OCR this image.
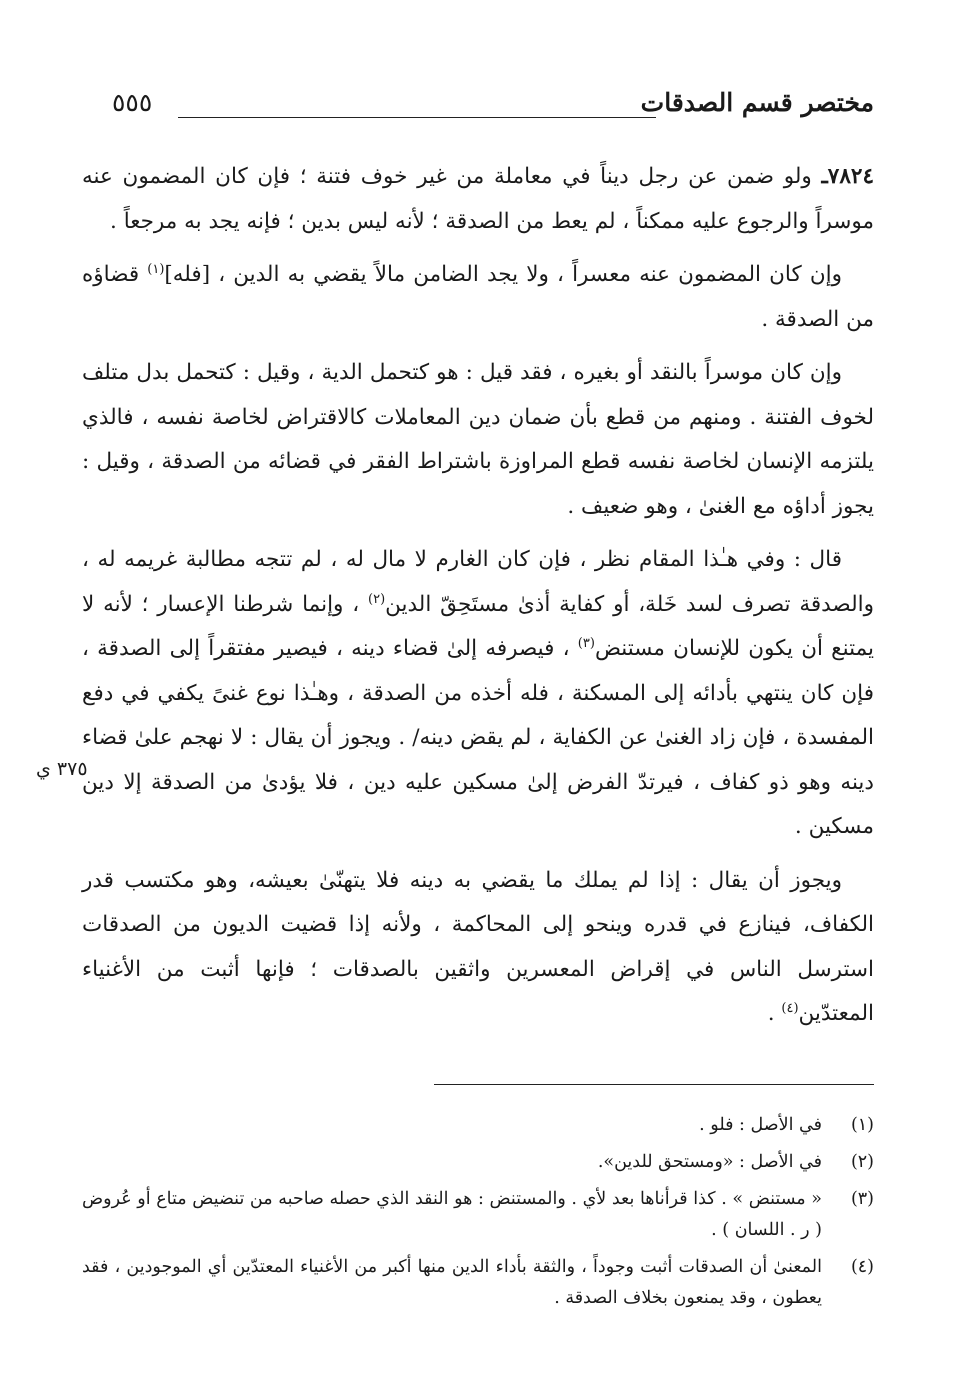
مختصر قسم الصدقات
٥٥٥

٧٨٢٤ـ ولو ضمن عن رجل ديناً في معاملة من غير خوف فتنة ؛ فإن كان المضمون عنه موسراً والرجوع عليه ممكناً ، لم يعط من الصدقة ؛ لأنه ليس بدين ؛ فإنه يجد به مرجعاً .

وإن كان المضمون عنه معسراً ، ولا يجد الضامن مالاً يقضي به الدين ، [فله]$^{(١)}$ قضاؤه من الصدقة .

وإن كان موسراً بالنقد أو بغيره ، فقد قيل : هو كتحمل الدية ، وقيل : كتحمل بدل متلف لخوف الفتنة . ومنهم من قطع بأن ضمان دين المعاملات كالاقتراض لخاصة نفسه ، فالذي يلتزمه الإنسان لخاصة نفسه قطع المراوزة باشتراط الفقر في قضائه من الصدقة ، وقيل : يجوز أداؤه مع الغنىٰ ، وهو ضعيف .

قال : وفي هـٰذا المقام نظر ، فإن كان الغارم لا مال له ، لم تتجه مطالبة غريمه له ، والصدقة تصرف لسد خَلة، أو كفاية أذىٰ مستَحِقّ الدين$^{(٢)}$ ، وإنما شرطنا الإعسار ؛ لأنه لا يمتنع أن يكون للإنسان مستنض$^{(٣)}$ ، فيصرفه إلىٰ قضاء دينه ، فيصير مفتقراً إلى الصدقة ، فإن كان ينتهي بأدائه إلى المسكنة ، فله أخذه من الصدقة ، وهـٰذا نوع غنىً يكفي في دفع المفسدة ، فإن زاد الغنىٰ عن الكفاية ، لم يقض دينه/ . ويجوز أن يقال : لا نهجم علىٰ قضاء دينه وهو ذو كفاف ، فيرتدّ الفرض إلىٰ مسكين عليه دين ، فلا يؤدىٰ من الصدقة إلا دين مسكين .

ويجوز أن يقال : إذا لم يملك ما يقضي به دينه فلا يتهنّىٰ بعيشه، وهو مكتسب قدر الكفاف، فينازع في قدره وينحو إلى المحاكمة ، ولأنه إذا قضيت الديون من الصدقات استرسل الناس في إقراض المعسرين واثقين بالصدقات ؛ فإنها أثبت من الأغنياء المعتدّين$^{(٤)}$ .

٣٧٥ ي
(١)
في الأصل : فلو .
(٢)
في الأصل : «ومستحق للدين».
(٣)
« مستنض » . كذا قرأناها بعد لأي . والمستنض : هو النقد الذي حصله صاحبه من تنضيض متاع أو عُروض ( ر . اللسان ) .
(٤)
المعنىٰ أن الصدقات أثبت وجوداً ، والثقة بأداء الدين منها أكبر من الأغنياء المعتدّين أي الموجودين ، فقد يعطون ، وقد يمنعون بخلاف الصدقة .
